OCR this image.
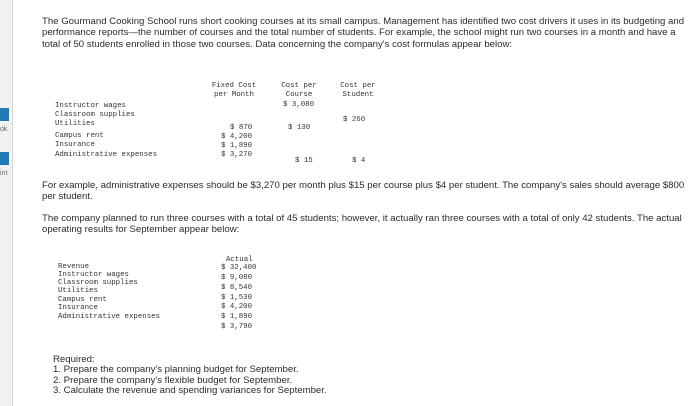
ok
int

The Gourmand Cooking School runs short cooking courses at its small campus. Management has identified two cost drivers it uses in its budgeting and performance reports—the number of courses and the total number of students. For example, the school might run two courses in a month and have a total of 50 students enrolled in those two courses. Data concerning the company's cost formulas appear below:

Fixed Cost
per Month
Cost per
Course
Cost per
Student
Instructor wages
Classroom supplies
Utilities
Campus rent
Insurance
Administrative expenses
$ 3,080
$ 260
$ 870	$ 130
$ 4,200
$ 1,890
$ 3,270
$ 15	$ 4

For example, administrative expenses should be $3,270 per month plus $15 per course plus $4 per student. The company's sales should average $800 per student.

The company planned to run three courses with a total of 45 students; however, it actually ran three courses with a total of only 42 students. The actual operating results for September appear below:

Actual
Revenue
Instructor wages
Classroom supplies
Utilities
Campus rent
Insurance
Administrative expenses
$ 32,400
$ 9,080
$ 8,540
$ 1,530
$ 4,200
$ 1,890
$ 3,790

Required:

1. Prepare the company's planning budget for September.

2. Prepare the company's flexible budget for September.

3. Calculate the revenue and spending variances for September.
